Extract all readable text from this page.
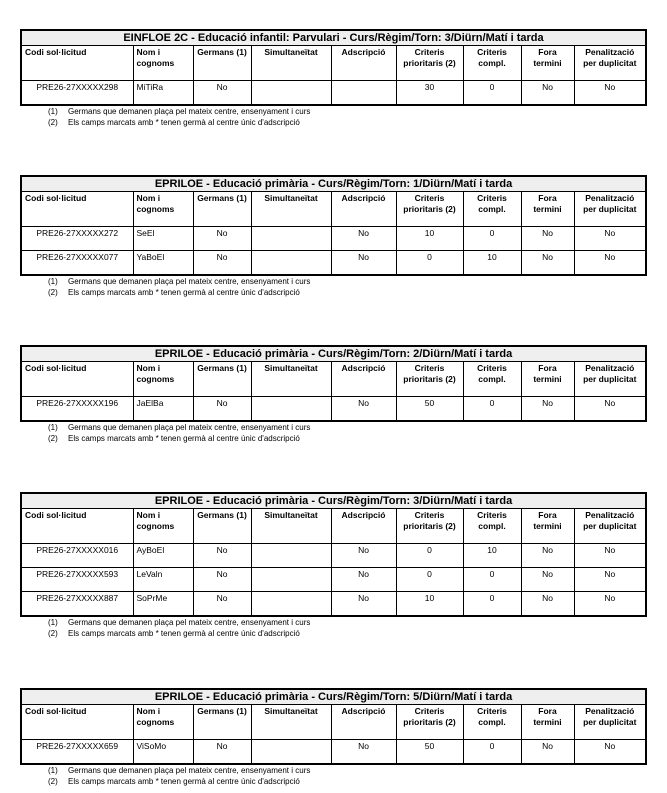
EINFLOE 2C - Educació infantil: Parvulari - Curs/Règim/Torn: 3/Diürn/Matí i tarda								
Codi sol·licitud	Nom i cognoms	Germans (1)	Simultaneïtat	Adscripció	Criteris prioritaris (2)	Criteris compl.	Fora termini	Penalització per duplicitat
PRE26-27XXXXX298	MiTiRa	No			30	0	No	No
(1) Germans que demanen plaça pel mateix centre, ensenyament i curs
(2) Els camps marcats amb * tenen germà al centre únic d'adscripció
EPRILOE - Educació primària - Curs/Règim/Torn: 1/Diürn/Matí i tarda								
Codi sol·licitud	Nom i cognoms	Germans (1)	Simultaneïtat	Adscripció	Criteris prioritaris (2)	Criteris compl.	Fora termini	Penalització per duplicitat
PRE26-27XXXXX272	SeEl	No		No	10	0	No	No
PRE26-27XXXXX077	YaBoEl	No		No	0	10	No	No
(1) Germans que demanen plaça pel mateix centre, ensenyament i curs
(2) Els camps marcats amb * tenen germà al centre únic d'adscripció
EPRILOE - Educació primària - Curs/Règim/Torn: 2/Diürn/Matí i tarda								
Codi sol·licitud	Nom i cognoms	Germans (1)	Simultaneïtat	Adscripció	Criteris prioritaris (2)	Criteris compl.	Fora termini	Penalització per duplicitat
PRE26-27XXXXX196	JaElBa	No		No	50	0	No	No
(1) Germans que demanen plaça pel mateix centre, ensenyament i curs
(2) Els camps marcats amb * tenen germà al centre únic d'adscripció
EPRILOE - Educació primària - Curs/Règim/Torn: 3/Diürn/Matí i tarda								
Codi sol·licitud	Nom i cognoms	Germans (1)	Simultaneïtat	Adscripció	Criteris prioritaris (2)	Criteris compl.	Fora termini	Penalització per duplicitat
PRE26-27XXXXX016	AyBoEl	No		No	0	10	No	No
PRE26-27XXXXX593	LeValn	No		No	0	0	No	No
PRE26-27XXXXX887	SoPrMe	No		No	10	0	No	No
(1) Germans que demanen plaça pel mateix centre, ensenyament i curs
(2) Els camps marcats amb * tenen germà al centre únic d'adscripció
EPRILOE - Educació primària - Curs/Règim/Torn: 5/Diürn/Matí i tarda								
Codi sol·licitud	Nom i cognoms	Germans (1)	Simultaneïtat	Adscripció	Criteris prioritaris (2)	Criteris compl.	Fora termini	Penalització per duplicitat
PRE26-27XXXXX659	ViSoMo	No		No	50	0	No	No
(1) Germans que demanen plaça pel mateix centre, ensenyament i curs
(2) Els camps marcats amb * tenen germà al centre únic d'adscripció
